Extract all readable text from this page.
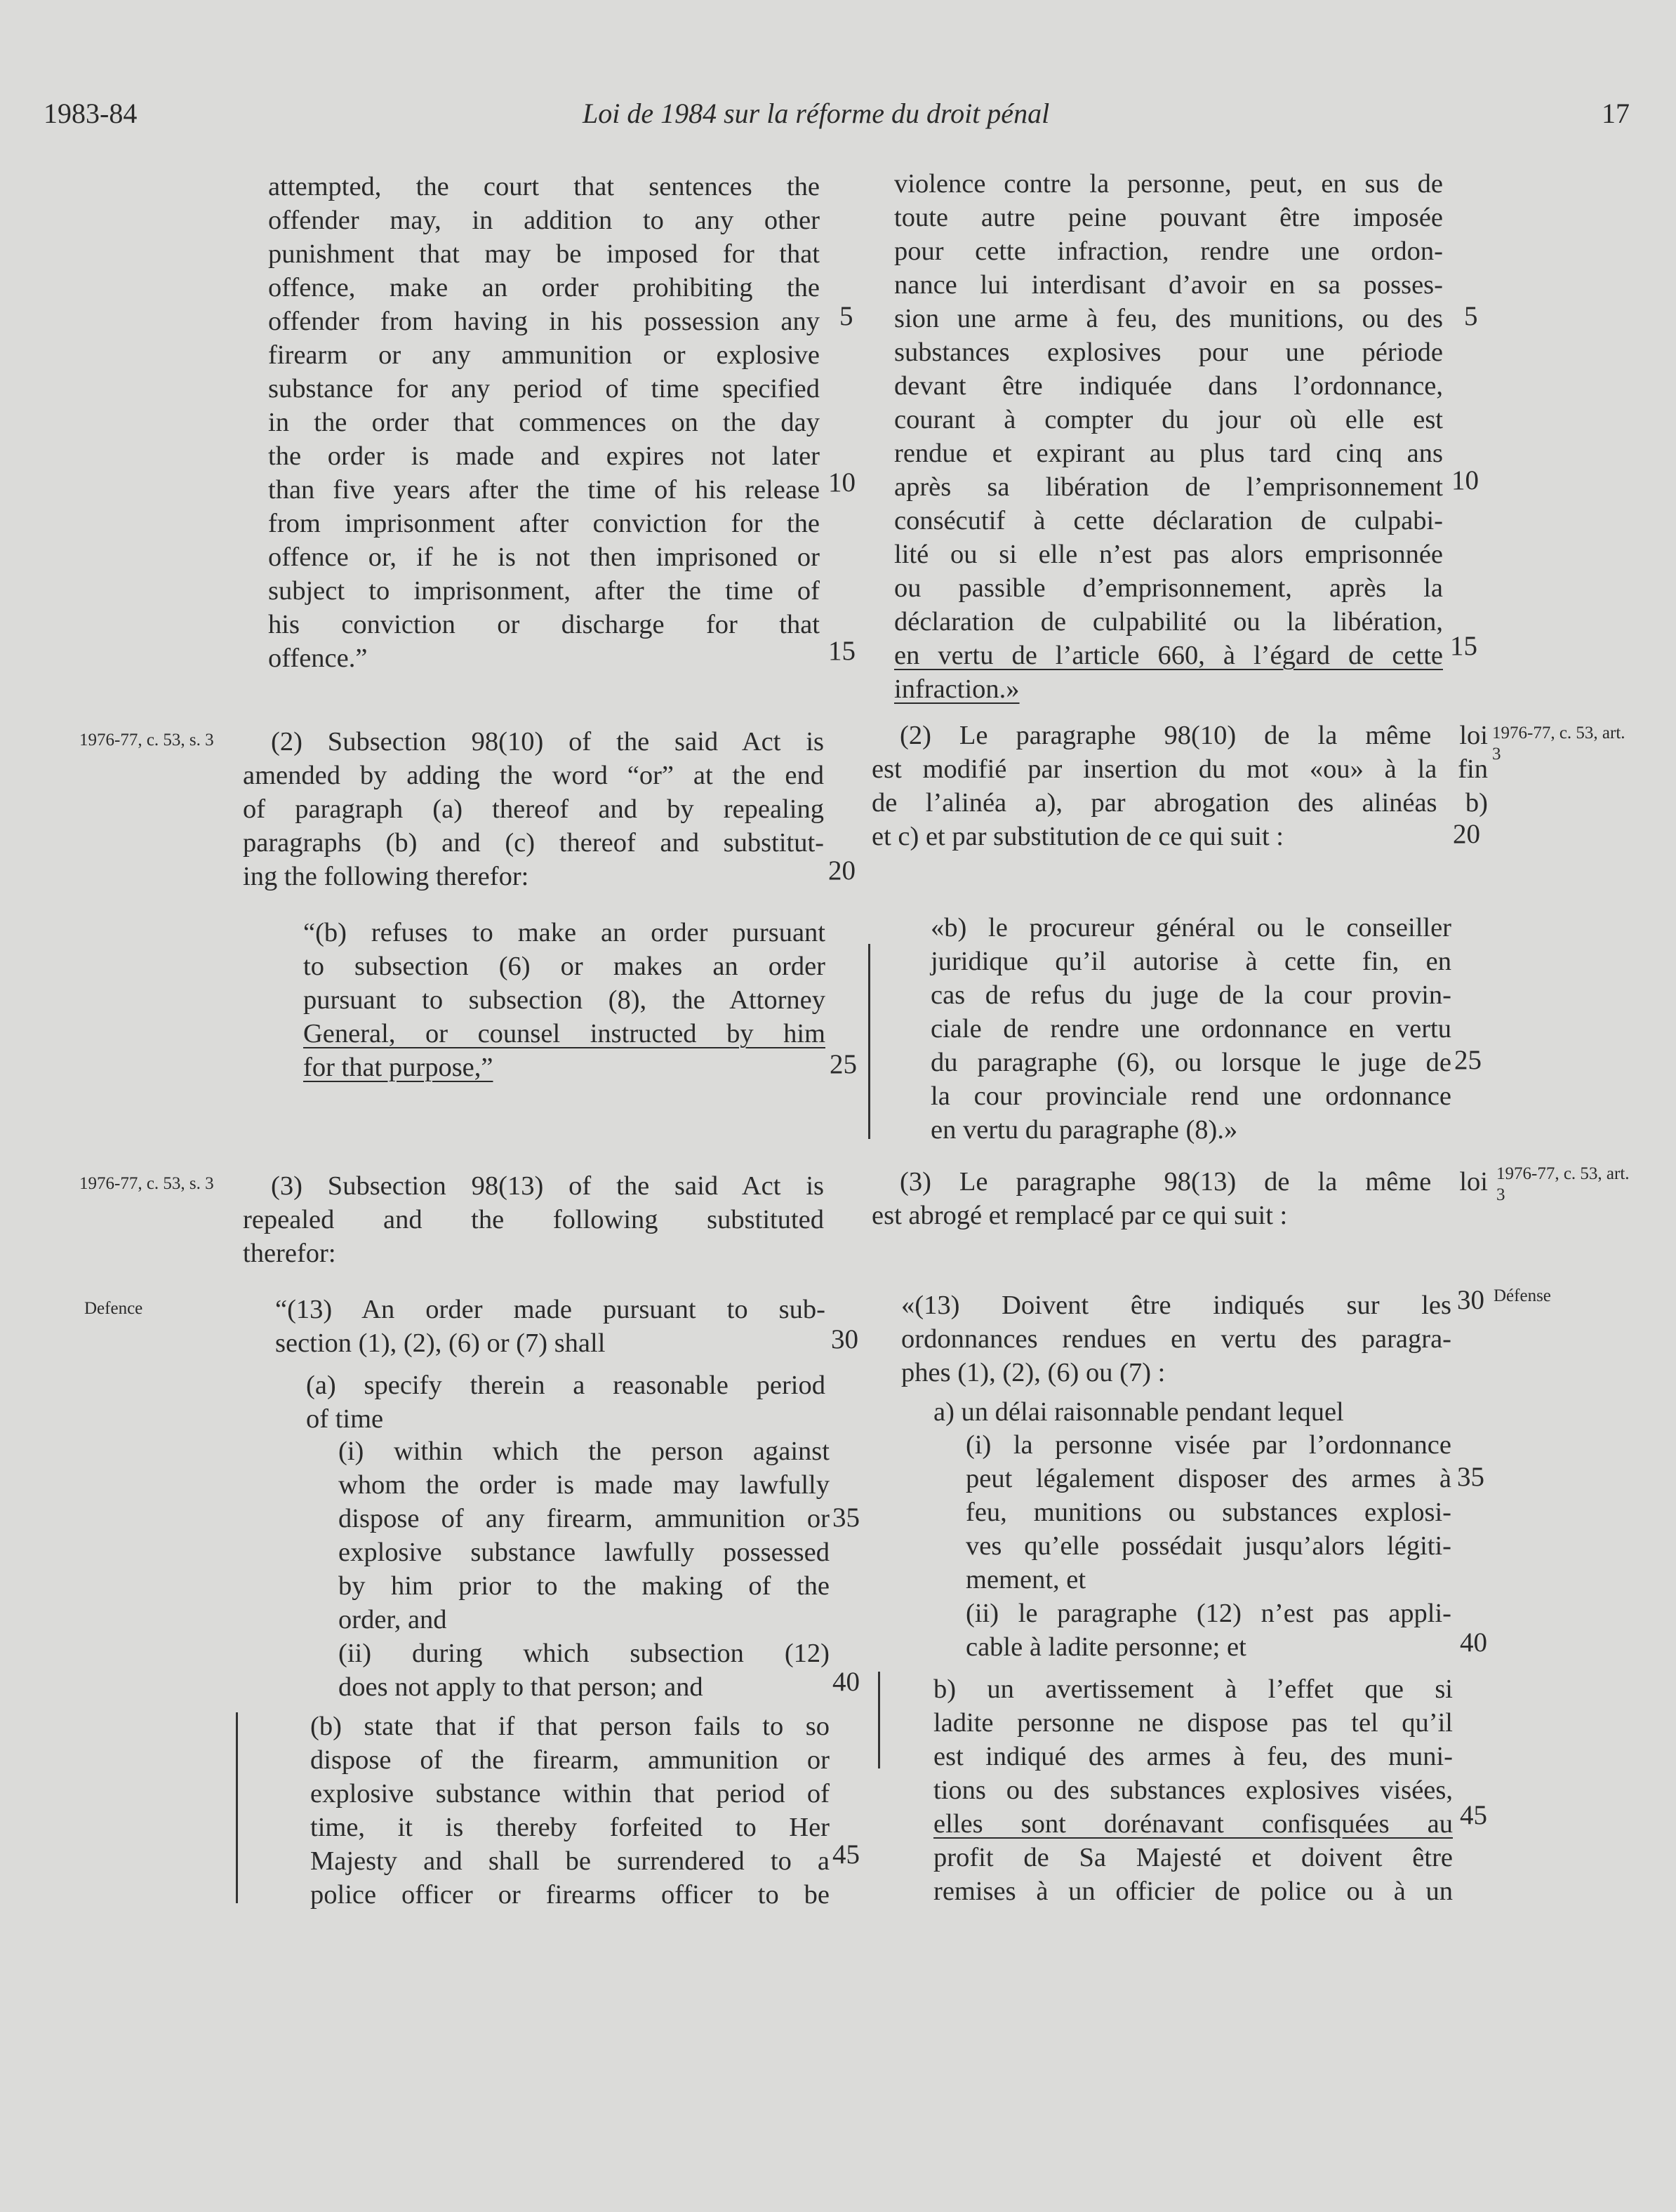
1983-84	Loi de 1984 sur la réforme du droit pénal	17
1976-77, c. 53, s. 3
1976-77, c. 53, s. 3
Defence
1976-77, c. 53, art. 3
1976-77, c. 53, art. 3
Défense
attempted, the court that sentences the
offender may, in addition to any other
punishment that may be imposed for that
offence, make an order prohibiting the
offender from having in his possession any
firearm or any ammunition or explosive
substance for any period of time specified
in the order that commences on the day
the order is made and expires not later
than five years after the time of his release
from imprisonment after conviction for the
offence or, if he is not then imprisoned or
subject to imprisonment, after the time of
his conviction or discharge for that
offence.”
(2) Subsection 98(10) of the said Act is
amended by adding the word “or” at the end
of paragraph (a) thereof and by repealing
paragraphs (b) and (c) thereof and substitut-
ing the following therefor:
“(b) refuses to make an order pursuant
to subsection (6) or makes an order
pursuant to subsection (8), the Attorney
General, or counsel instructed by him
for that purpose,”
(3) Subsection 98(13) of the said Act is
repealed and the following substituted
therefor:
“(13) An order made pursuant to sub-
section (1), (2), (6) or (7) shall
(a) specify therein a reasonable period
of time
(i) within which the person against
whom the order is made may lawfully
dispose of any firearm, ammunition or
explosive substance lawfully possessed
by him prior to the making of the
order, and
(ii) during which subsection (12)
does not apply to that person; and
(b) state that if that person fails to so
dispose of the firearm, ammunition or
explosive substance within that period of
time, it is thereby forfeited to Her
Majesty and shall be surrendered to a
police officer or firearms officer to be
5
10
15
20
25
30
35
40
45
violence contre la personne, peut, en sus de
toute autre peine pouvant être imposée
pour cette infraction, rendre une ordon-
nance lui interdisant d’avoir en sa posses-
sion une arme à feu, des munitions, ou des
substances explosives pour une période
devant être indiquée dans l’ordonnance,
courant à compter du jour où elle est
rendue et expirant au plus tard cinq ans
après sa libération de l’emprisonnement
consécutif à cette déclaration de culpabi-
lité ou si elle n’est pas alors emprisonnée
ou passible d’emprisonnement, après la
déclaration de culpabilité ou la libération,
en vertu de l’article 660, à l’égard de cette
infraction.»
(2) Le paragraphe 98(10) de la même loi
est modifié par insertion du mot «ou» à la fin
de l’alinéa a), par abrogation des alinéas b)
et c) et par substitution de ce qui suit :
«b) le procureur général ou le conseiller
juridique qu’il autorise à cette fin, en
cas de refus du juge de la cour provin-
ciale de rendre une ordonnance en vertu
du paragraphe (6), ou lorsque le juge de
la cour provinciale rend une ordonnance
en vertu du paragraphe (8).»
(3) Le paragraphe 98(13) de la même loi
est abrogé et remplacé par ce qui suit :
«(13) Doivent être indiqués sur les
ordonnances rendues en vertu des paragra-
phes (1), (2), (6) ou (7) :
a) un délai raisonnable pendant lequel
(i) la personne visée par l’ordonnance
peut légalement disposer des armes à
feu, munitions ou substances explosi-
ves qu’elle possédait jusqu’alors légiti-
mement, et
(ii) le paragraphe (12) n’est pas appli-
cable à ladite personne; et
b) un avertissement à l’effet que si
ladite personne ne dispose pas tel qu’il
est indiqué des armes à feu, des muni-
tions ou des substances explosives visées,
elles sont dorénavant confisquées au
profit de Sa Majesté et doivent être
remises à un officier de police ou à un
5
10
15
20
25
30
35
40
45
